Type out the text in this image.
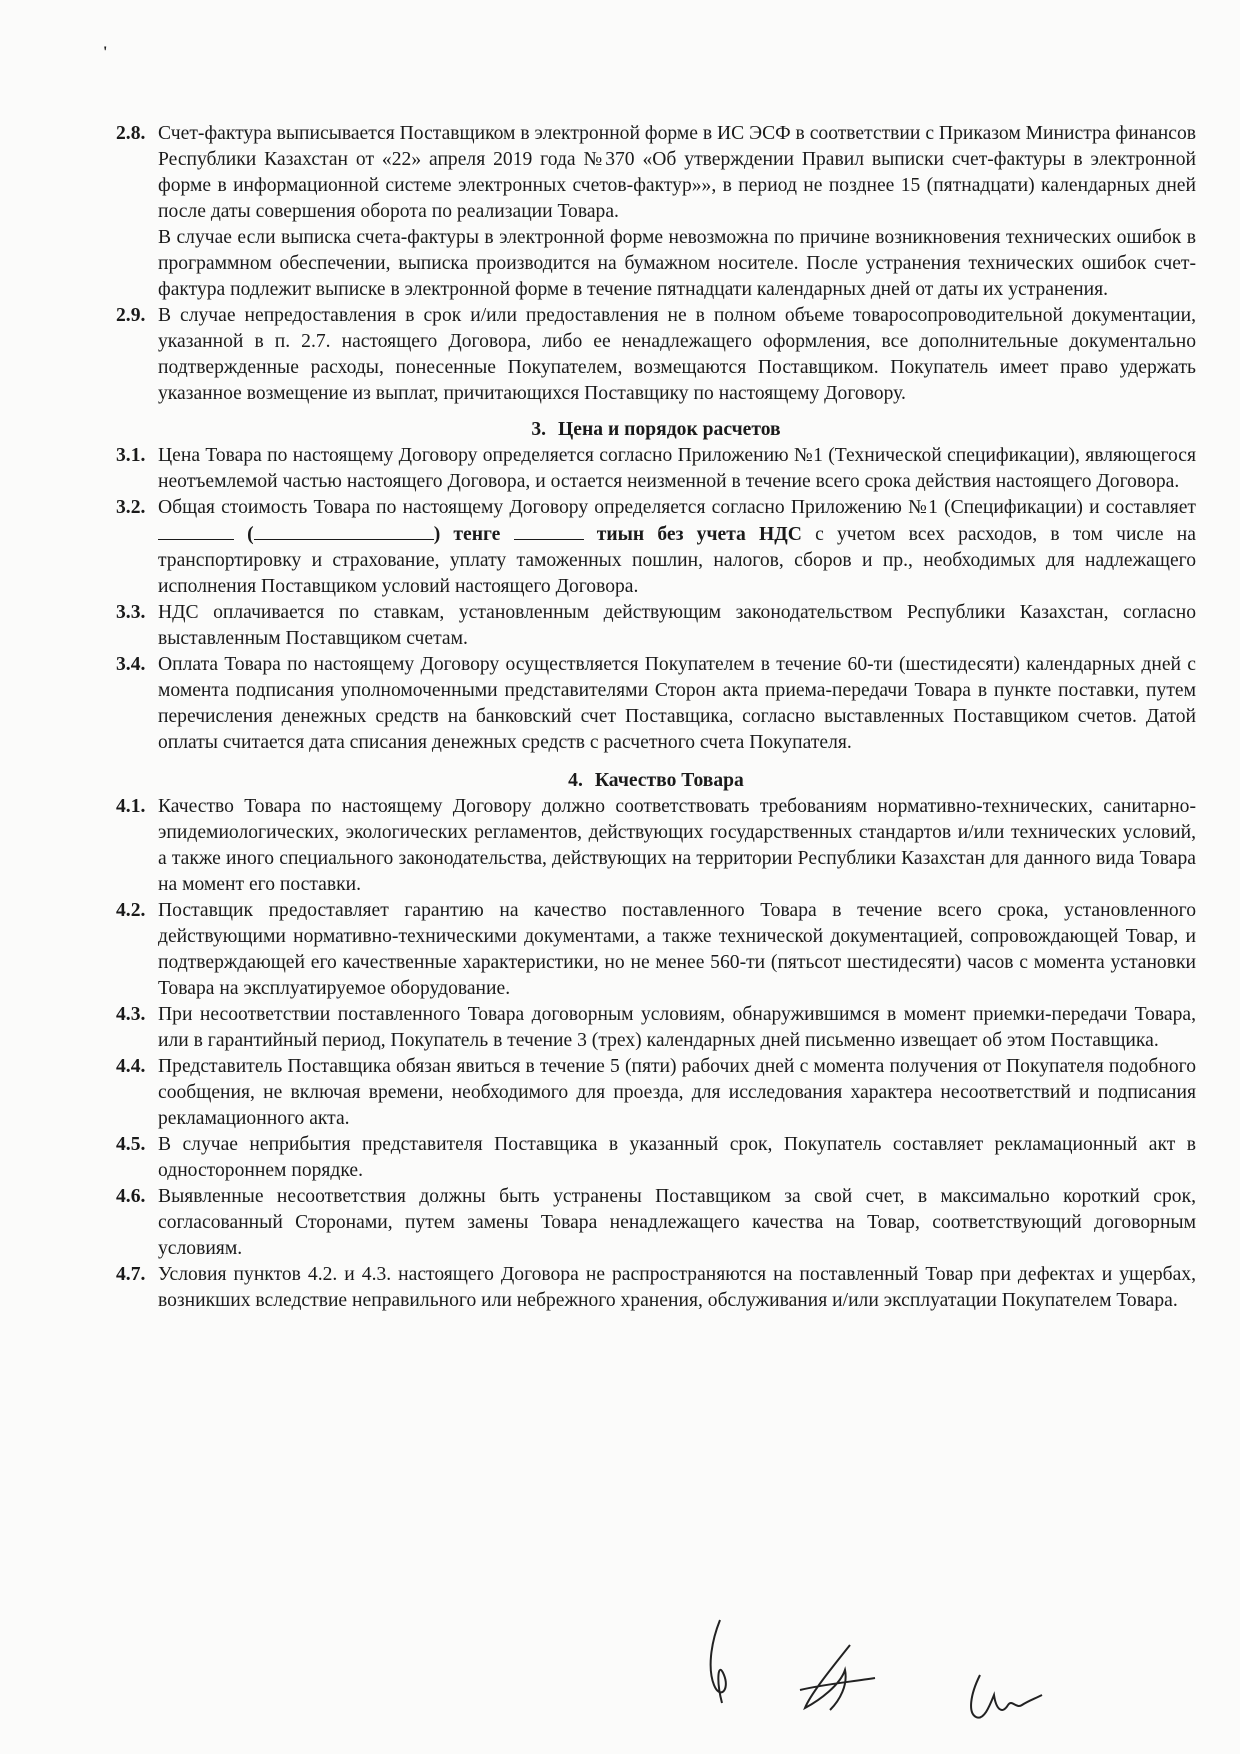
'
2.8. Счет-фактура выписывается Поставщиком в электронной форме в ИС ЭСФ в соответствии с Приказом Министра финансов Республики Казахстан от «22» апреля 2019 года №370 «Об утверждении Правил выписки счет-фактуры в электронной форме в информационной системе электронных счетов-фактур»», в период не позднее 15 (пятнадцати) календарных дней после даты совершения оборота по реализации Товара.

В случае если выписка счета-фактуры в электронной форме невозможна по причине возникновения технических ошибок в программном обеспечении, выписка производится на бумажном носителе. После устранения технических ошибок счет-фактура подлежит выписке в электронной форме в течение пятнадцати календарных дней от даты их устранения.

2.9. В случае непредоставления в срок и/или предоставления не в полном объеме товаросопроводительной документации, указанной в п. 2.7. настоящего Договора, либо ее ненадлежащего оформления, все дополнительные документально подтвержденные расходы, понесенные Покупателем, возмещаются Поставщиком. Покупатель имеет право удержать указанное возмещение из выплат, причитающихся Поставщику по настоящему Договору.

3. Цена и порядок расчетов
3.1. Цена Товара по настоящему Договору определяется согласно Приложению №1 (Технической спецификации), являющегося неотъемлемой частью настоящего Договора, и остается неизменной в течение всего срока действия настоящего Договора.
3.2. Общая стоимость Товара по настоящему Договору определяется согласно Приложению №1 (Спецификации) и составляет  (	) тенге	тиын без учета НДС с учетом всех расходов, в том числе на транспортировку и страхование, уплату таможенных пошлин, налогов, сборов и пр., необходимых для надлежащего исполнения Поставщиком условий настоящего Договора.
3.3. НДС оплачивается по ставкам, установленным действующим законодательством Республики Казахстан, согласно выставленным Поставщиком счетам.
3.4. Оплата Товара по настоящему Договору осуществляется Покупателем в течение 60-ти (шестидесяти) календарных дней с момента подписания уполномоченными представителями Сторон акта приема-передачи Товара в пункте поставки, путем перечисления денежных средств на банковский счет Поставщика, согласно выставленных Поставщиком счетов. Датой оплаты считается дата списания денежных средств с расчетного счета Покупателя.
4. Качество Товара
4.1. Качество Товара по настоящему Договору должно соответствовать требованиям нормативно-технических, санитарно-эпидемиологических, экологических регламентов, действующих государственных стандартов и/или технических условий, а также иного специального законодательства, действующих на территории Республики Казахстан для данного вида Товара на момент его поставки.
4.2. Поставщик предоставляет гарантию на качество поставленного Товара в течение всего срока, установленного действующими нормативно-техническими документами, а также технической документацией, сопровождающей Товар, и подтверждающей его качественные характеристики, но не менее 560-ти (пятьсот шестидесяти) часов с момента установки Товара на эксплуатируемое оборудование.
4.3. При несоответствии поставленного Товара договорным условиям, обнаружившимся в момент приемки-передачи Товара, или в гарантийный период, Покупатель в течение 3 (трех) календарных дней письменно извещает об этом Поставщика.
4.4. Представитель Поставщика обязан явиться в течение 5 (пяти) рабочих дней с момента получения от Покупателя подобного сообщения, не включая времени, необходимого для проезда, для исследования характера несоответствий и подписания рекламационного акта.
4.5. В случае неприбытия представителя Поставщика в указанный срок, Покупатель составляет рекламационный акт в одностороннем порядке.
4.6. Выявленные несоответствия должны быть устранены Поставщиком за свой счет, в максимально короткий срок, согласованный Сторонами, путем замены Товара ненадлежащего качества на Товар, соответствующий договорным условиям.
4.7. Условия пунктов 4.2. и 4.3. настоящего Договора не распространяются на поставленный Товар при дефектах и ущербах, возникших вследствие неправильного или небрежного хранения, обслуживания и/или эксплуатации Покупателем Товара.
